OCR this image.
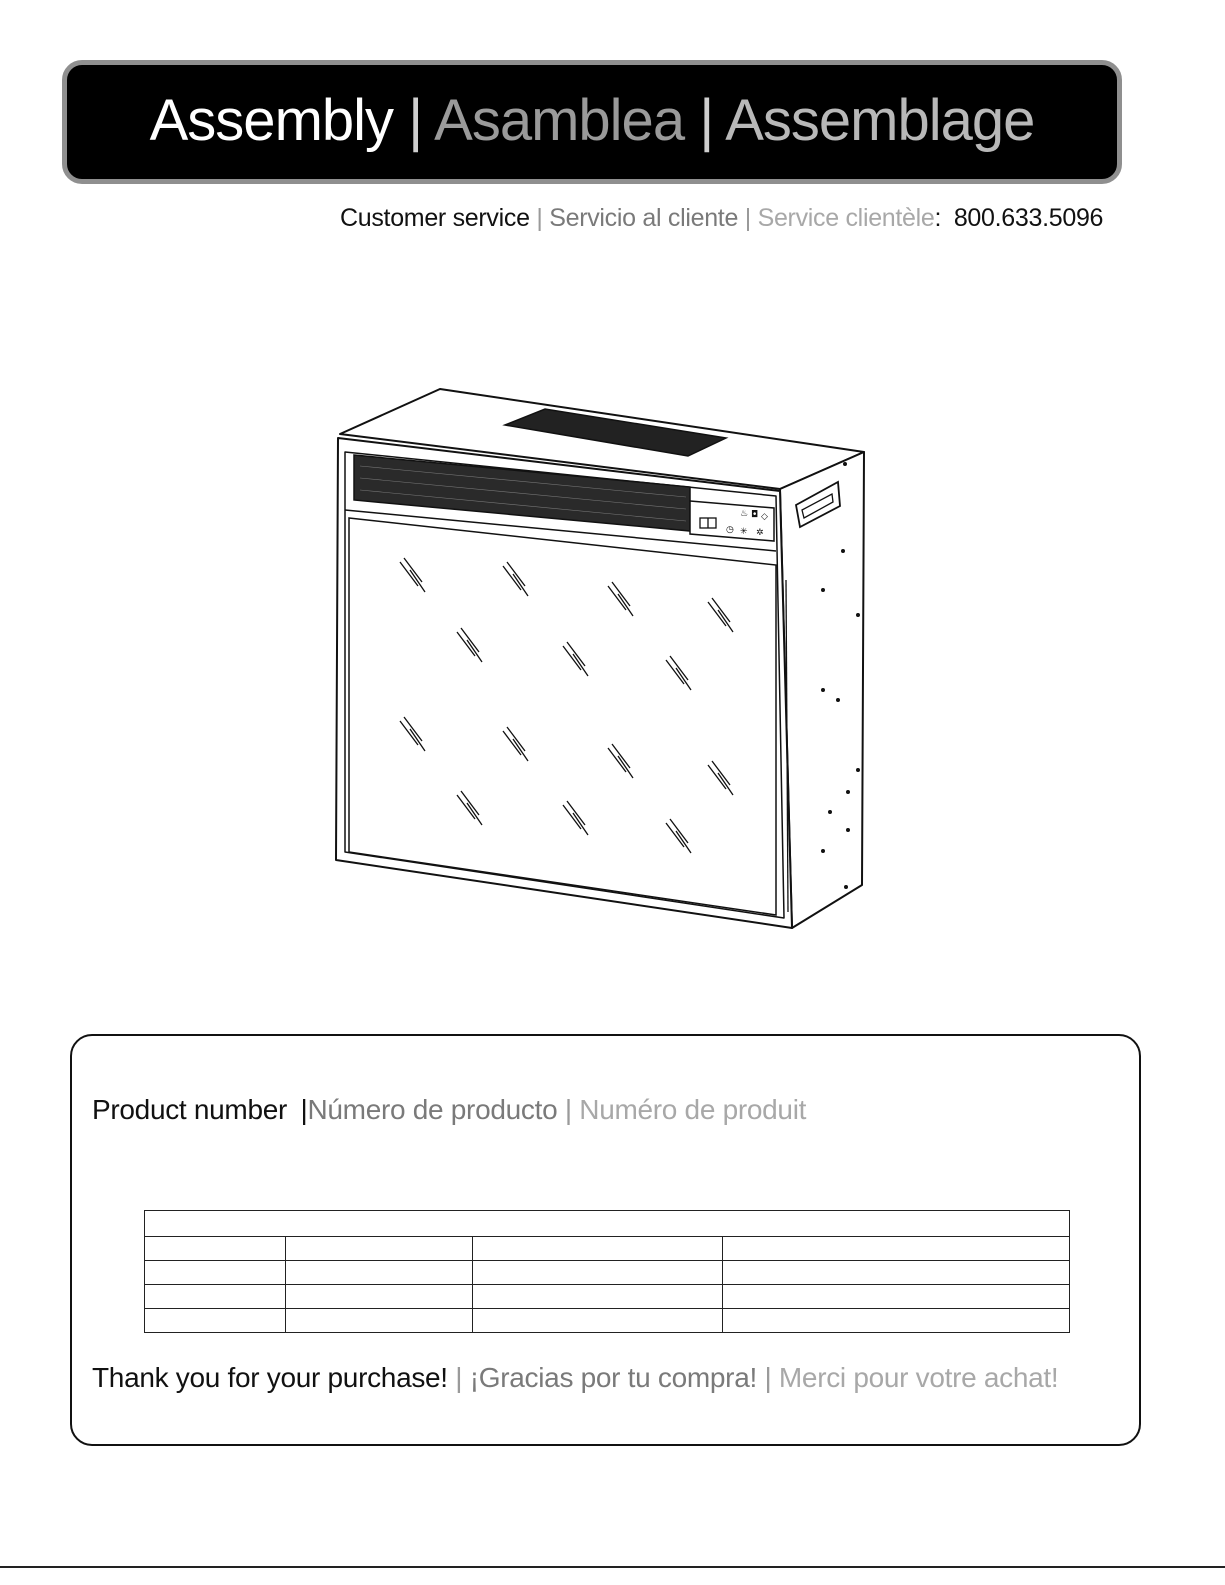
Assembly | Asamblea | Assemblage
Customer service | Servicio al cliente | Service clientèle: 800.633.5096
♨ ◘ ◇
◷ ✳ ✲
Product number |Número de producto | Numéro de produit

Thank you for your purchase! | ¡Gracias por tu compra! | Merci pour votre achat!
